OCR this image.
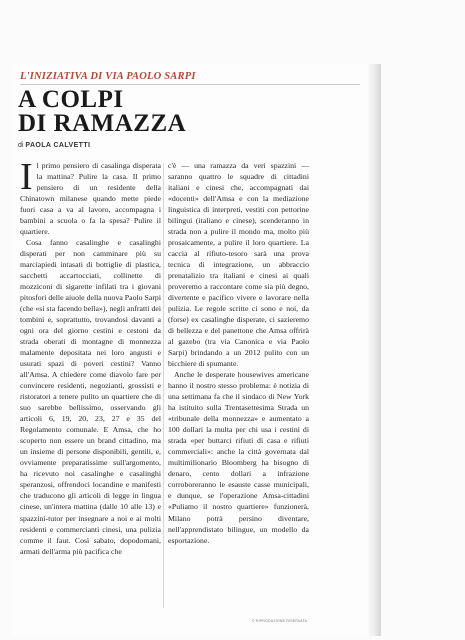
L'INIZIATIVA DI VIA PAOLO SARPI
A COLPI
DI RAMAZZA
di PAOLA CALVETTI

Il primo pensiero di casalinga disperata la mattina? Pulire la casa. Il primo pensiero di un residente della Chinatown milanese quando mette piede fuori casa a va al lavoro, accompagna i bambini a scuola o fa la spesa? Pulire il quartiere.

Cosa fanno casalinghe e casalinghi disperati per non camminare più su marciapiedi intasati di bottiglie di plastica, sacchetti accartocciati, collinette di mozziconi di sigarette infilati tra i giovani pitosfori delle aiuole della nuova Paolo Sarpi (che «si sta facendo bella»), negli anfratti dei tombini e, soprattutto, trovandosi davanti a ogni ora del giorno cestini e cestoni da strada oberati di montagne di monnezza malamente depositata nei loro angusti e usurati spazi di poveri cestini? Vanno all'Amsa. A chiedere come diavolo fare per convincere residenti, negozianti, grossisti e ristoratori a tenere pulito un quartiere che di suo sarebbe bellissimo, osservando gli articoli 6, 19, 20, 23, 27 e 35 del Regolamento comunale. E Amsa, che ho scoperto non essere un brand cittadino, ma un insieme di persone disponibili, gentili, e, ovviamente preparatissime sull'argomento, ha ricevuto noi casalinghe e casalinghi speranzosi, offrendoci locandine e manifesti che traducono gli articoli di legge in lingua cinese, un'intera mattina (dalle 10 alle 13) e spazzini-tutor per insegnare a noi e ai molti residenti e commercianti cinesi, una pulizia comme il faut. Così sabato, dopodomani, armati dell'arma più pacifica che

c'è — una ramazza da veri spazzini — saranno quattro le squadre di cittadini italiani e cinesi che, accompagnati dai «docenti» dell'Amsa e con la mediazione linguistica di interpreti, vestiti con pettorine bilingui (italiano e cinese), scenderanno in strada non a pulire il mondo ma, molto più prosaicamente, a pulire il loro quartiere. La caccia al rifiuto-tesoro sarà una prova tecnica di integrazione, un abbraccio prenatalizio tra italiani e cinesi ai quali proveremo a raccontare come sia più degno, divertente e pacifico vivere e lavorare nella pulizia. Le regole scritte ci sono e noi, da (forse) ex casalinghe disperate, ci sazieremo di bellezza e del panettone che Amsa offrirà al gazebo (tra via Canonica e via Paolo Sarpi) brindando a un 2012 pulito con un bicchiere di spumante.

Anche le desperate housewives americane hanno il nostro stesso problema: è notizia di una settimana fa che il sindaco di New York ha istituito sulla Trentasettesima Strada un «tribunale della monnezza» e aumentato a 100 dollari la multa per chi usa i cestini di strada «per buttarci rifiuti di casa e rifiuti commerciali»: anche la città governata dal multimilionario Bloomberg ha bisogno di denaro, cento dollari a infrazione corroboreranno le esauste casse municipali, e dunque, se l'operazione Amsa-cittadini «Puliamo il nostro quartiere» funzionerà, Milano potrà persino diventare, nell'apprendistato bilingue, un modello da esportazione.

© RIPRODUZIONE RISERVATA
